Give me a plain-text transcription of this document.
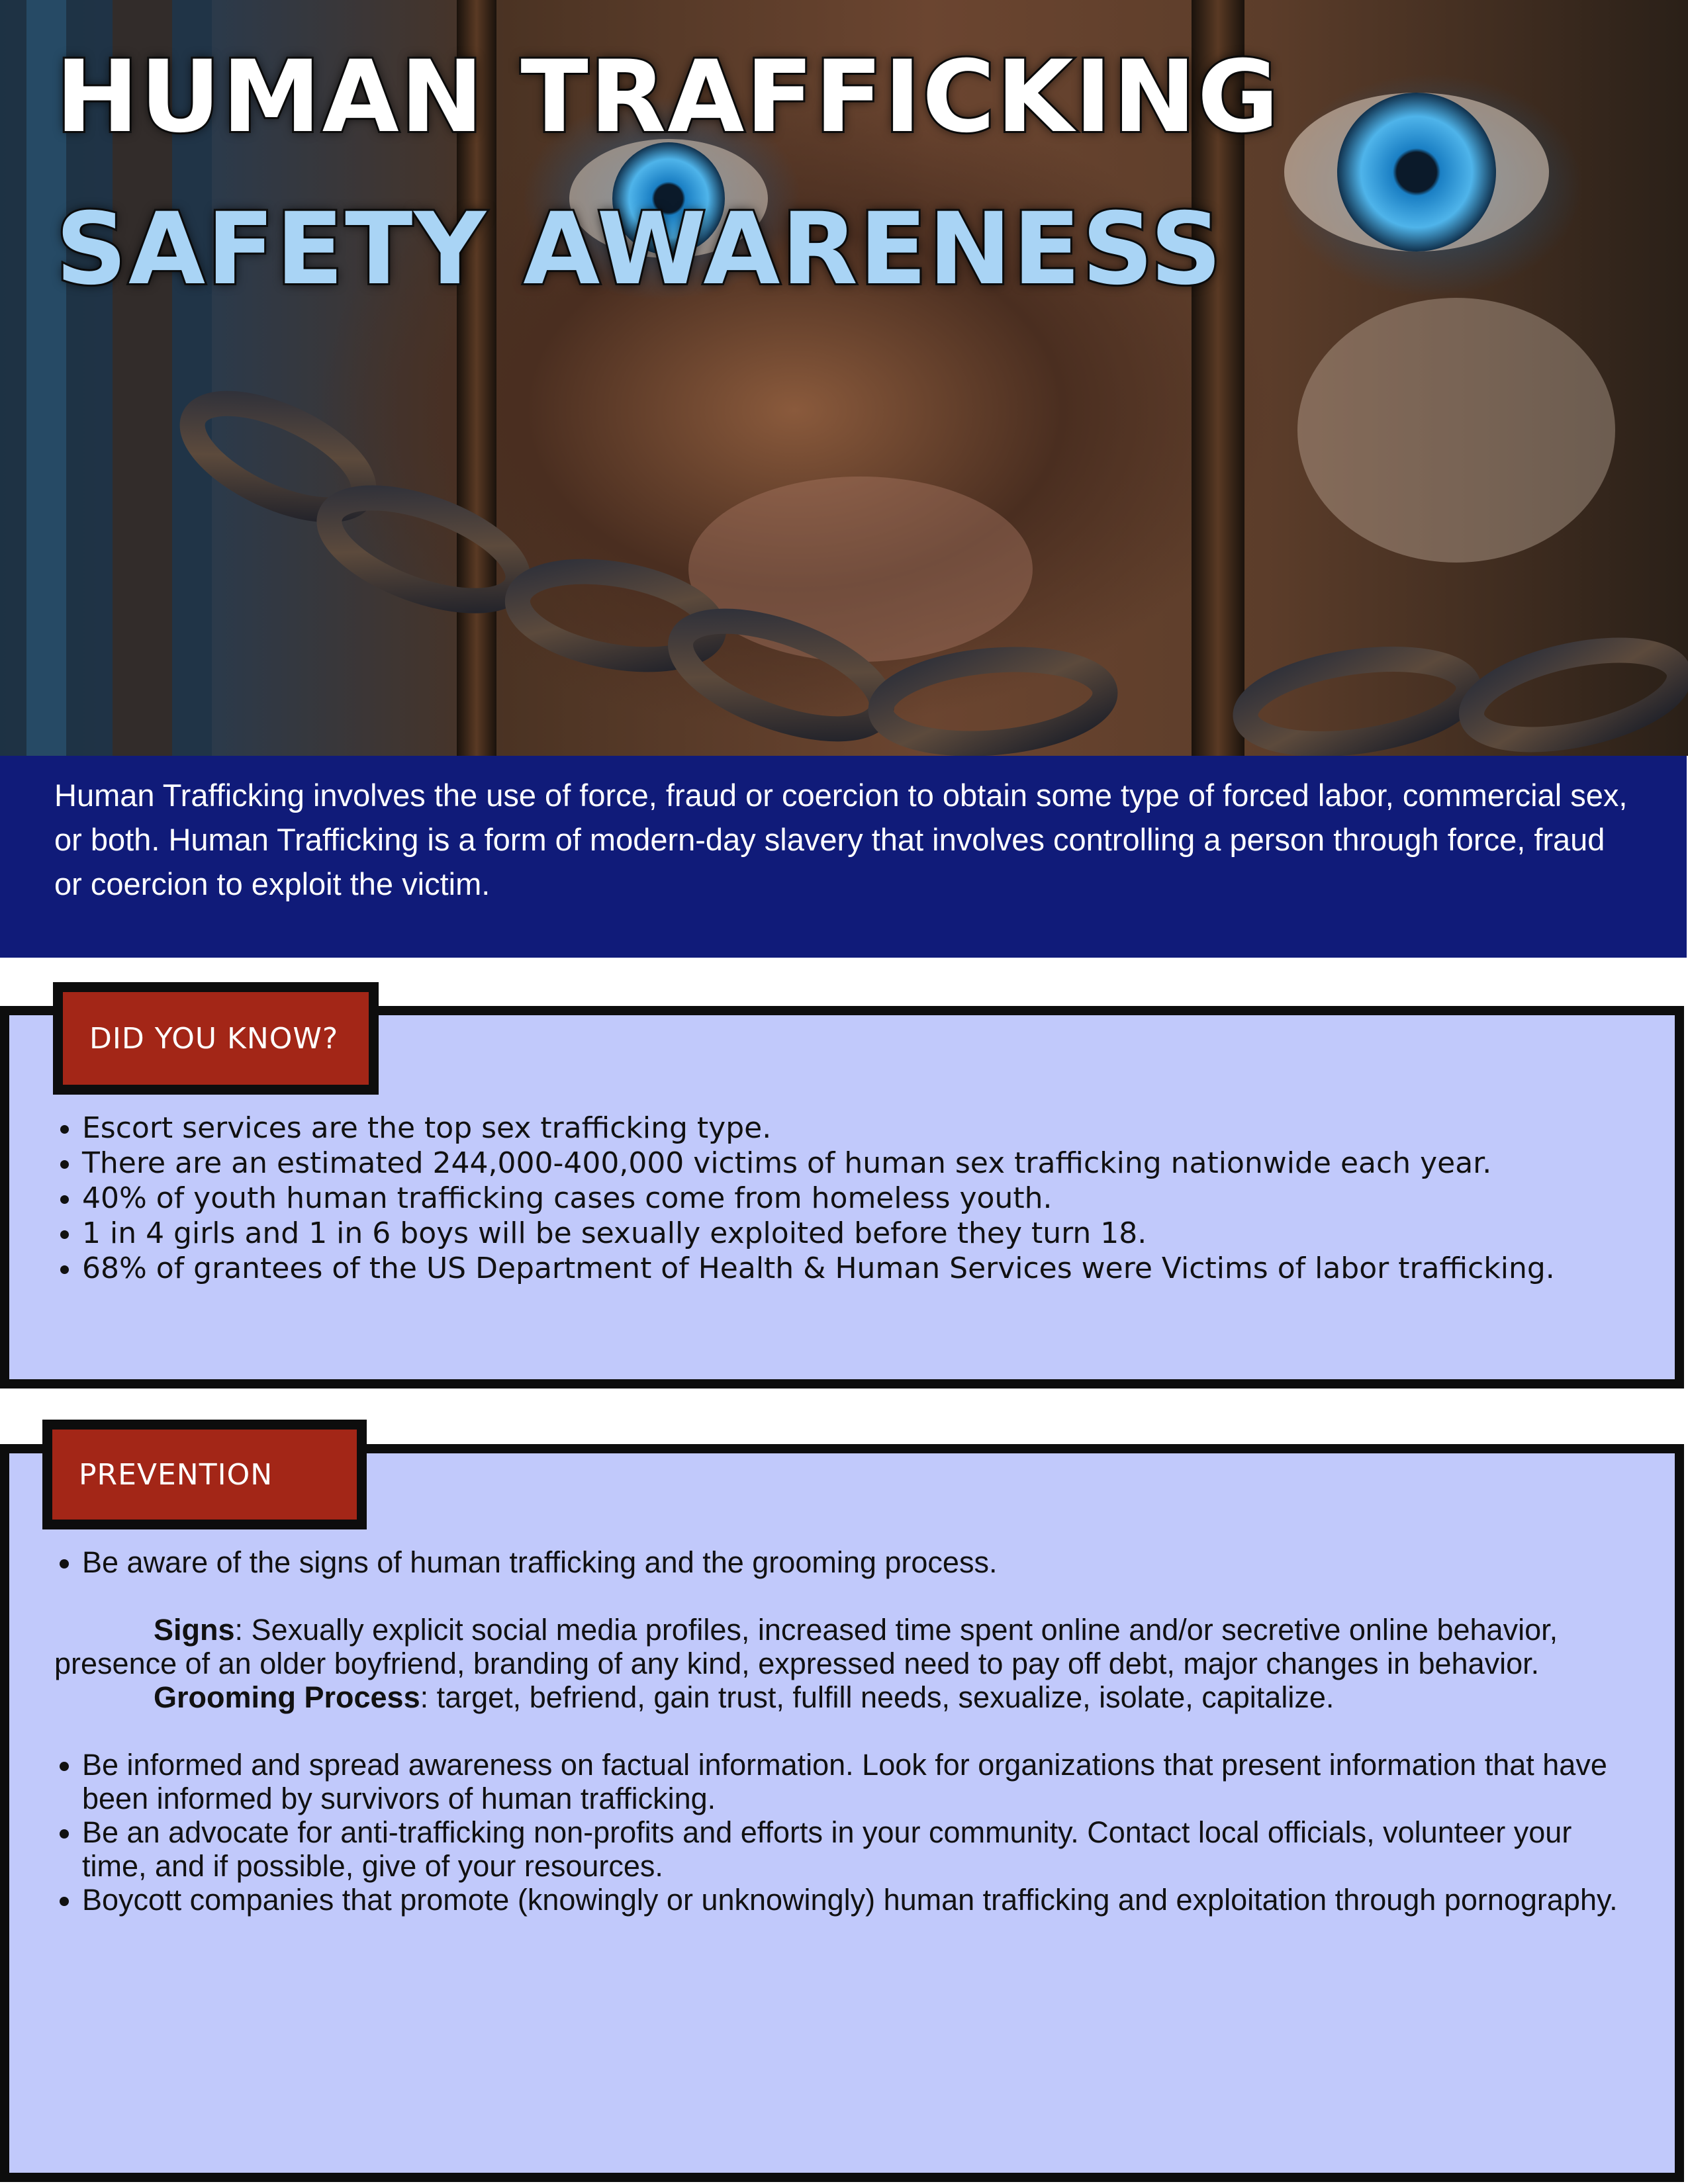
HUMAN TRAFFICKING
SAFETY AWARENESS

Human Trafficking involves the use of force, fraud or coercion to obtain some type of forced labor, commercial sex, or both. Human Trafficking is a form of modern-day slavery that involves controlling a person through force, fraud or coercion to exploit the victim.

DID YOU KNOW?
• Escort services are the top sex trafficking type.
• There are an estimated 244,000-400,000 victims of human sex trafficking nationwide each year.
• 40% of youth human trafficking cases come from homeless youth.
• 1 in 4 girls and 1 in 6 boys will be sexually exploited before they turn 18.
• 68% of grantees of the US Department of Health & Human Services were Victims of labor trafficking.
PREVENTION
• Be aware of the signs of human trafficking and the grooming process.

Signs: Sexually explicit social media profiles, increased time spent online and/or secretive online behavior, presence of an older boyfriend, branding of any kind, expressed need to pay off debt, major changes in behavior.

Grooming Process: target, befriend, gain trust, fulfill needs, sexualize, isolate, capitalize.

• Be informed and spread awareness on factual information. Look for organizations that present information that have been informed by survivors of human trafficking.
• Be an advocate for anti-trafficking non-profits and efforts in your community. Contact local officials, volunteer your time, and if possible, give of your resources.
• Boycott companies that promote (knowingly or unknowingly) human trafficking and exploitation through pornography.
